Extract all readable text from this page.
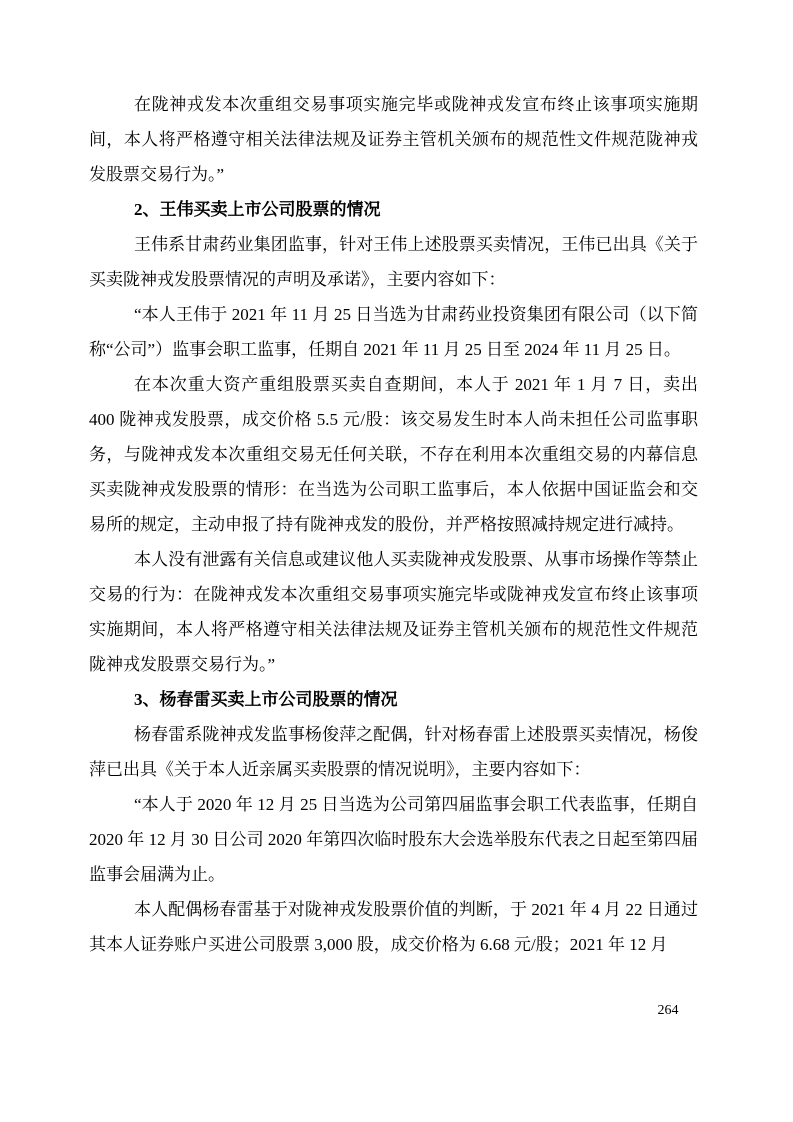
在陇神戎发本次重组交易事项实施完毕或陇神戎发宣布终止该事项实施期间，本人将严格遵守相关法律法规及证券主管机关颁布的规范性文件规范陇神戎发股票交易行为。”

2、王伟买卖上市公司股票的情况

王伟系甘肃药业集团监事，针对王伟上述股票买卖情况，王伟已出具《关于买卖陇神戎发股票情况的声明及承诺》，主要内容如下：

“本人王伟于 2021 年 11 月 25 日当选为甘肃药业投资集团有限公司（以下简称“公司”）监事会职工监事，任期自 2021 年 11 月 25 日至 2024 年 11 月 25 日。

在本次重大资产重组股票买卖自查期间，本人于 2021 年 1 月 7 日，卖出 400 陇神戎发股票，成交价格 5.5 元/股：该交易发生时本人尚未担任公司监事职务，与陇神戎发本次重组交易无任何关联，不存在利用本次重组交易的内幕信息买卖陇神戎发股票的情形：在当选为公司职工监事后，本人依据中国证监会和交易所的规定，主动申报了持有陇神戎发的股份，并严格按照减持规定进行减持。

本人没有泄露有关信息或建议他人买卖陇神戎发股票、从事市场操作等禁止交易的行为：在陇神戎发本次重组交易事项实施完毕或陇神戎发宣布终止该事项实施期间，本人将严格遵守相关法律法规及证券主管机关颁布的规范性文件规范陇神戎发股票交易行为。”

3、杨春雷买卖上市公司股票的情况

杨春雷系陇神戎发监事杨俊萍之配偶，针对杨春雷上述股票买卖情况，杨俊萍已出具《关于本人近亲属买卖股票的情况说明》，主要内容如下：

“本人于 2020 年 12 月 25 日当选为公司第四届监事会职工代表监事，任期自 2020 年 12 月 30 日公司 2020 年第四次临时股东大会选举股东代表之日起至第四届监事会届满为止。

本人配偶杨春雷基于对陇神戎发股票价值的判断，于 2021 年 4 月 22 日通过其本人证券账户买进公司股票 3,000 股，成交价格为 6.68 元/股；2021 年 12 月

264
